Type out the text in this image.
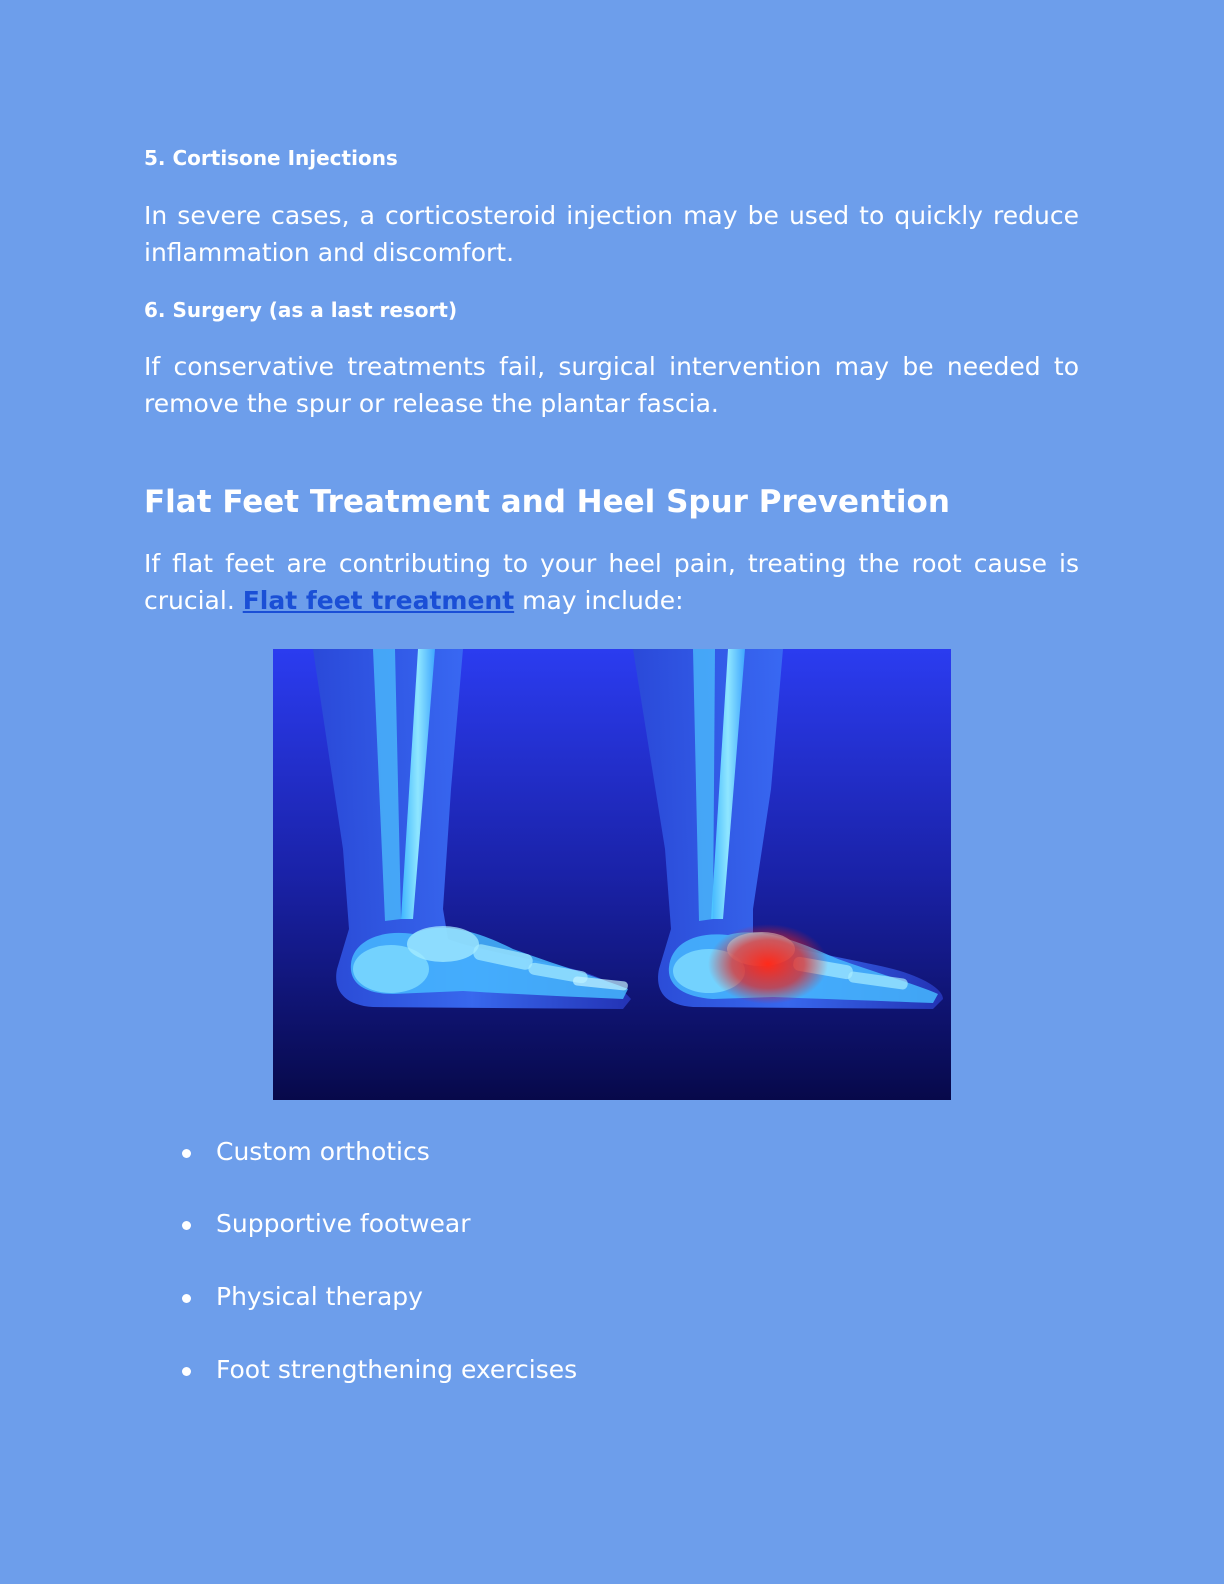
5. Cortisone Injections

In severe cases, a corticosteroid injection may be used to quickly reduce inflammation and discomfort.

6. Surgery (as a last resort)

If conservative treatments fail, surgical intervention may be needed to remove the spur or release the plantar fascia.

Flat Feet Treatment and Heel Spur Prevention

If flat feet are contributing to your heel pain, treating the root cause is crucial. Flat feet treatment may include:

Custom orthotics
Supportive footwear
Physical therapy
Foot strengthening exercises
